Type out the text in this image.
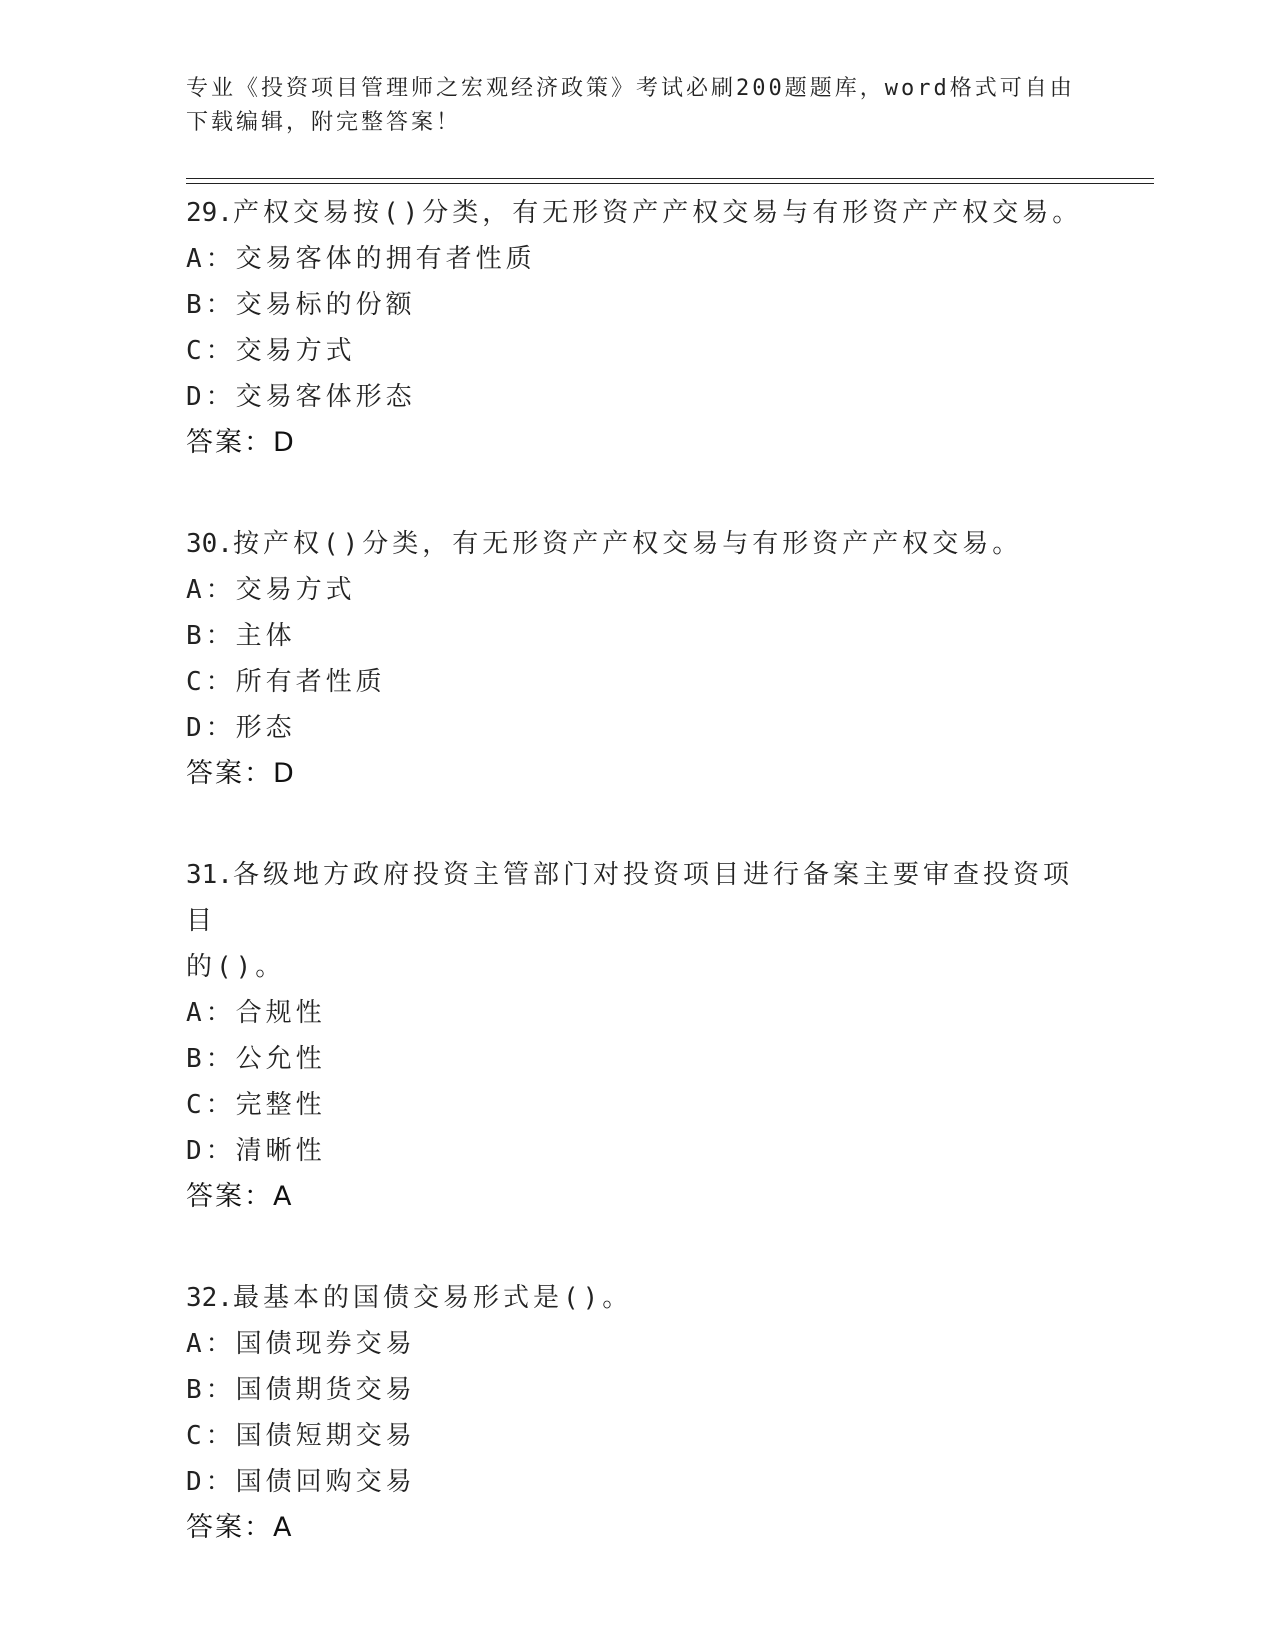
专业《投资项目管理师之宏观经济政策》考试必刷200题题库，word格式可自由
下载编辑，附完整答案！
29.产权交易按()分类，有无形资产产权交易与有形资产产权交易。
A：交易客体的拥有者性质
B：交易标的份额
C：交易方式
D：交易客体形态
答案：D
30.按产权()分类，有无形资产产权交易与有形资产产权交易。
A：交易方式
B：主体
C：所有者性质
D：形态
答案：D
31.各级地方政府投资主管部门对投资项目进行备案主要审查投资项目
的()。
A：合规性
B：公允性
C：完整性
D：清晰性
答案：A
32.最基本的国债交易形式是()。
A：国债现券交易
B：国债期货交易
C：国债短期交易
D：国债回购交易
答案：A
